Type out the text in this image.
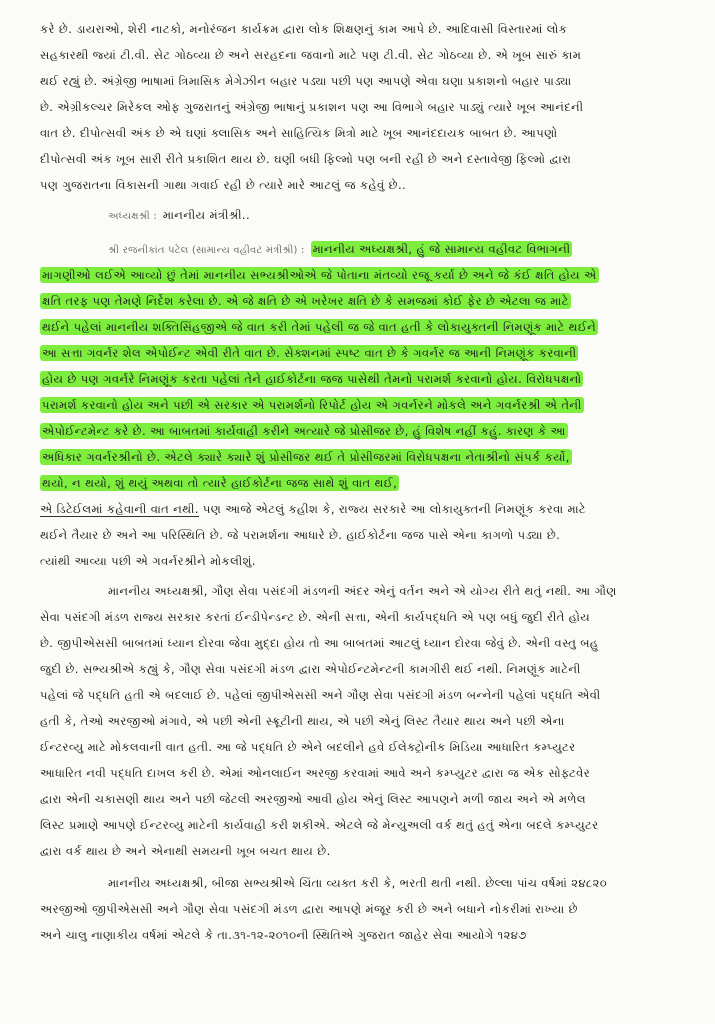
કરે છે. ડાયરાઓ, શેરી નાટકો, મનોરંજન કાર્યક્રમ દ્વારા લોક શિક્ષણનું કામ આપે છે. આદિવાસી વિસ્તારમાં લોક
સહકારથી જ્યાં ટી.વી. સેટ ગોઠવ્યા છે અને સરહદના જવાનો માટે પણ ટી.વી. સેટ ગોઠવ્યા છે. એ ખૂબ સારું કામ
થઈ રહ્યું છે. અંગ્રેજી ભાષામાં ત્રિમાસિક મેગેઝીન બહાર પડ્યા પછી પણ આપણે એવા ઘણા પ્રકાશનો બહાર પાડ્યા
છે. એગ્રીકલ્ચર મિરેકલ ઓફ ગુજરાતનું અંગ્રેજી ભાષાનું પ્રકાશન પણ આ વિભાગે બહાર પાડ્યું ત્યારે ખૂબ આનંદની
વાત છે. દીપોત્સવી અંક છે એ ઘણાં ક્લાસિક અને સાહિત્યિક મિત્રો માટે ખૂબ આનંદદાયક બાબત છે. આપણો
દીપોત્સવી અંક ખૂબ સારી રીતે પ્રકાશિત થાય છે. ઘણી બધી ફિલ્મો પણ બની રહી છે અને દસ્તાવેજી ફિલ્મો દ્વારા
પણ ગુજરાતના વિકાસની ગાથા ગવાઈ રહી છે ત્યારે મારે આટલું જ કહેવું છે..
અધ્યક્ષશ્રી : માનનીય મંત્રીશ્રી..
શ્રી રજનીકાંત પટેલ (સામાન્ય વહીવટ મંત્રીશ્રી) : માનનીય અધ્યક્ષશ્રી, હું જે સામાન્ય વહીવટ વિભાગની
માગણીઓ લઈએ આવ્યો છું તેમાં માનનીય સભ્યશ્રીઓએ જે પોતાના મંતવ્યો રજૂ કર્યા છે અને જે કંઈ ક્ષતિ હોય એ
ક્ષતિ તરફ પણ તેમણે નિર્દેશ કરેલા છે. એ જે ક્ષતિ છે એ ખરેખર ક્ષતિ છે કે સમજમાં કોઈ ફેર છે એટલા જ માટે
થઈને પહેલાં માનનીય શક્તિસિંહજીએ જે વાત કરી તેમાં પહેલી જ જે વાત હતી કે લોકાયુક્તની નિમણૂંક માટે થઈને
આ સત્તા ગવર્નર શેલ એપોઈન્ટ એવી રીતે વાત છે. સેક્શનમાં સ્પષ્ટ વાત છે કે ગવર્નર જ આની નિમણૂંક કરવાની
હોય છે પણ ગવર્નરે નિમણૂંક કરતા પહેલાં તેને હાઈકોર્ટના જજ પાસેથી તેમનો પરામર્શ કરવાનો હોય. વિરોધપક્ષનો
પરામર્શ કરવાનો હોય અને પછી એ સરકાર એ પરામર્શનો રિપોર્ટ હોય એ ગવર્નરને મોકલે અને ગવર્નરશ્રી એ તેની
એપોઈન્ટમેન્ટ કરે છે. આ બાબતમાં કાર્યવાહી કરીને અત્યારે જે પ્રોસીજર છે, હું વિશેષ નહીં કહું. કારણ કે આ
અધિકાર ગવર્નરશ્રીનો છે. એટલે ક્યારે ક્યારે શું પ્રોસીજર થઈ તે પ્રોસીજરમાં વિરોધપક્ષના નેતાશ્રીનો સંપર્ક કર્યો,
થયો, ન થયો, શું થયું અથવા તો ત્યારે હાઈકોર્ટના જજ સાથે શું વાત થઈ,
એ ડિટેઈલમાં કહેવાની વાત નથી. પણ આજે એટલું કહીશ કે, રાજ્ય સરકારે આ લોકાયુક્તની નિમણૂંક કરવા માટે
થઈને તૈયાર છે અને આ પરિસ્થિતિ છે. જે પરામર્શના આધારે છે. હાઈકોર્ટના જજ પાસે એના કાગળો પડ્યા છે.
ત્યાંથી આવ્યા પછી એ ગવર્નરશ્રીને મોકલીશું.
માનનીય અધ્યક્ષશ્રી, ગૌણ સેવા પસંદગી મંડળની અંદર એનું વર્તન અને એ યોગ્ય રીતે થતું નથી. આ ગૌણ
સેવા પસંદગી મંડળ રાજ્ય સરકાર કરતાં ઈન્ડીપેન્ડન્ટ છે. એની સત્તા, એની કાર્યપદ્ધતિ એ પણ બધું જુદી રીતે હોય
છે. જીપીએસસી બાબતમાં ધ્યાન દોરવા જેવા મુદ્દા હોય તો આ બાબતમાં આટલું ધ્યાન દોરવા જેવું છે. એની વસ્તુ બહુ
જુદી છે. સભ્યશ્રીએ કહ્યું કે, ગૌણ સેવા પસંદગી મંડળ દ્વારા એપોઈન્ટમેન્ટની કામગીરી થઈ નથી. નિમણૂંક માટેની
પહેલાં જે પદ્ધતિ હતી એ બદલાઈ છે. પહેલાં જીપીએસસી અને ગૌણ સેવા પસંદગી મંડળ બન્નેની પહેલાં પદ્ધતિ એવી
હતી કે, તેઓ અરજીઓ મંગાવે, એ પછી એની સ્ક્રૂટીની થાય, એ પછી એનું લિસ્ટ તૈયાર થાય અને પછી એના
ઈન્ટરવ્યુ માટે મોકલવાની વાત હતી. આ જે પદ્ધતિ છે એને બદલીને હવે ઈલેક્ટ્રોનીક મિડિયા આધારિત કમ્પ્યુટર
આધારિત નવી પદ્ધતિ દાખલ કરી છે. એમાં ઓનલાઈન અરજી કરવામાં આવે અને કમ્પ્યુટર દ્વારા જ એક સોફ્ટવેર
દ્વારા એની ચકાસણી થાય અને પછી જેટલી અરજીઓ આવી હોય એનું લિસ્ટ આપણને મળી જાય અને એ મળેલ
લિસ્ટ પ્રમાણે આપણે ઈન્ટરવ્યુ માટેની કાર્યવાહી કરી શકીએ. એટલે જે મેન્યુઅલી વર્ક થતું હતું એના બદલે કમ્પ્યુટર
દ્વારા વર્ક થાય છે અને એનાથી સમયની ખૂબ બચત થાય છે.
માનનીય અધ્યક્ષશ્રી, બીજા સભ્યશ્રીએ ચિંતા વ્યક્ત કરી કે, ભરતી થતી નથી. છેલ્લા પાંચ વર્ષમાં ૨૪૮૨૦
અરજીઓ જીપીએસસી અને ગૌણ સેવા પસંદગી મંડળ દ્વારા આપણે મંજૂર કરી છે અને બધાને નોકરીમાં રાખ્યા છે
અને ચાલુ નાણાકીય વર્ષમાં એટલે કે તા.૩૧-૧૨-૨૦૧૦ની સ્થિતિએ ગુજરાત જાહેર સેવા આયોગે ૧૨૪૭
